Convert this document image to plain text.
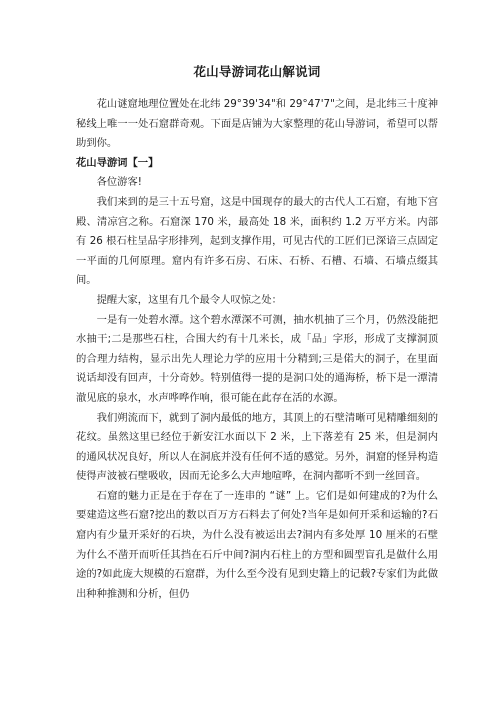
花山导游词花山解说词

花山谜窟地理位置处在北纬 29°39'34"和 29°47'7"之间，是北纬三十度神秘线上唯一一处石窟群奇观。下面是店铺为大家整理的花山导游词，希望可以帮助到你。

花山导游词【一】

各位游客!

我们来到的是三十五号窟，这是中国现存的最大的古代人工石窟，有地下宫殿、清凉宫之称。石窟深 170 米，最高处 18 米，面积约 1.2 万平方米。内部有 26 根石柱呈品字形排列，起到支撑作用，可见古代的工匠们已深谙三点固定一平面的几何原理。窟内有许多石房、石床、石桥、石槽、石墙、石墙点缀其间。

提醒大家，这里有几个最令人叹惊之处：

一是有一处碧水潭。这个碧水潭深不可测，抽水机抽了三个月，仍然没能把水抽干;二是那些石柱，合围大约有十几米长，成「品」字形，形成了支撑洞顶的合理力结构，显示出先人理论力学的应用十分精到;三是偌大的洞子，在里面说话却没有回声，十分奇妙。特别值得一提的是洞口处的通海桥，桥下是一潭清澈见底的泉水，水声哗哗作响，很可能在此存在活的水源。

我们朔流而下，就到了洞内最低的地方，其顶上的石壁清晰可见精雕细刻的花纹。虽然这里已经位于新安江水面以下 2 米，上下落差有 25 米，但是洞内的通风状况良好，所以人在洞底并没有任何不适的感觉。另外，洞窟的怪异构造使得声波被石壁吸收，因而无论多么大声地喧哗，在洞内都听不到一丝回音。

石窟的魅力正是在于存在了一连串的 “谜” 上。它们是如何建成的?为什么要建造这些石窟?挖出的数以百万方石料去了何处?当年是如何开采和运输的?石窟内有少量开采好的石块，为什么没有被运出去?洞内有多处厚 10 厘米的石壁为什么不凿开而听任其挡在石斤中间?洞内石柱上的方型和圆型盲孔是做什么用途的?如此庞大规模的石窟群，为什么至今没有见到史籍上的记载?专家们为此做出种种推测和分析，但仍
